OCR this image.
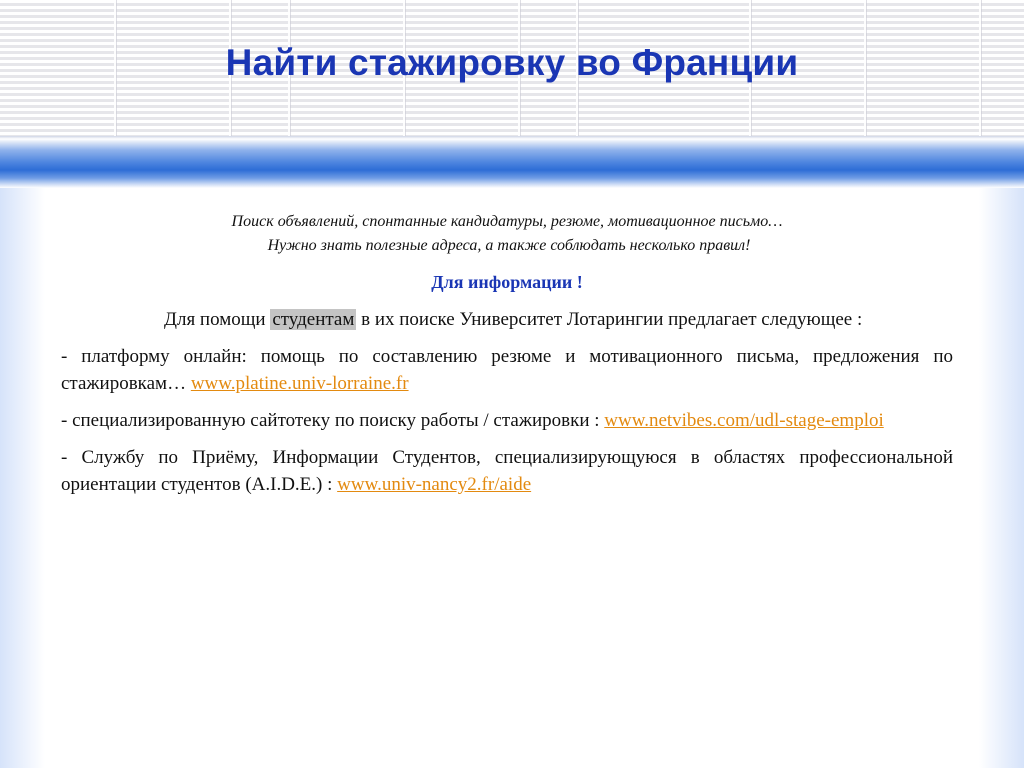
Найти стажировку во Франции

Поиск объявлений, спонтанные кандидатуры, резюме, мотивационное письмо…
Нужно знать полезные адреса, а также соблюдать несколько правил!

Для информации !

Для помощи студентам в их поиске Университет Лотарингии предлагает следующее :

- платформу онлайн: помощь по составлению резюме и мотивационного письма, предложения по стажировкам… www.platine.univ-lorraine.fr

- специализированную сайтотеку по поиску работы / стажировки : www.netvibes.com/udl-stage-emploi

- Службу по Приёму, Информации Студентов, специализирующуюся в областях профессиональной ориентации студентов (A.I.D.E.) : www.univ-nancy2.fr/aide
